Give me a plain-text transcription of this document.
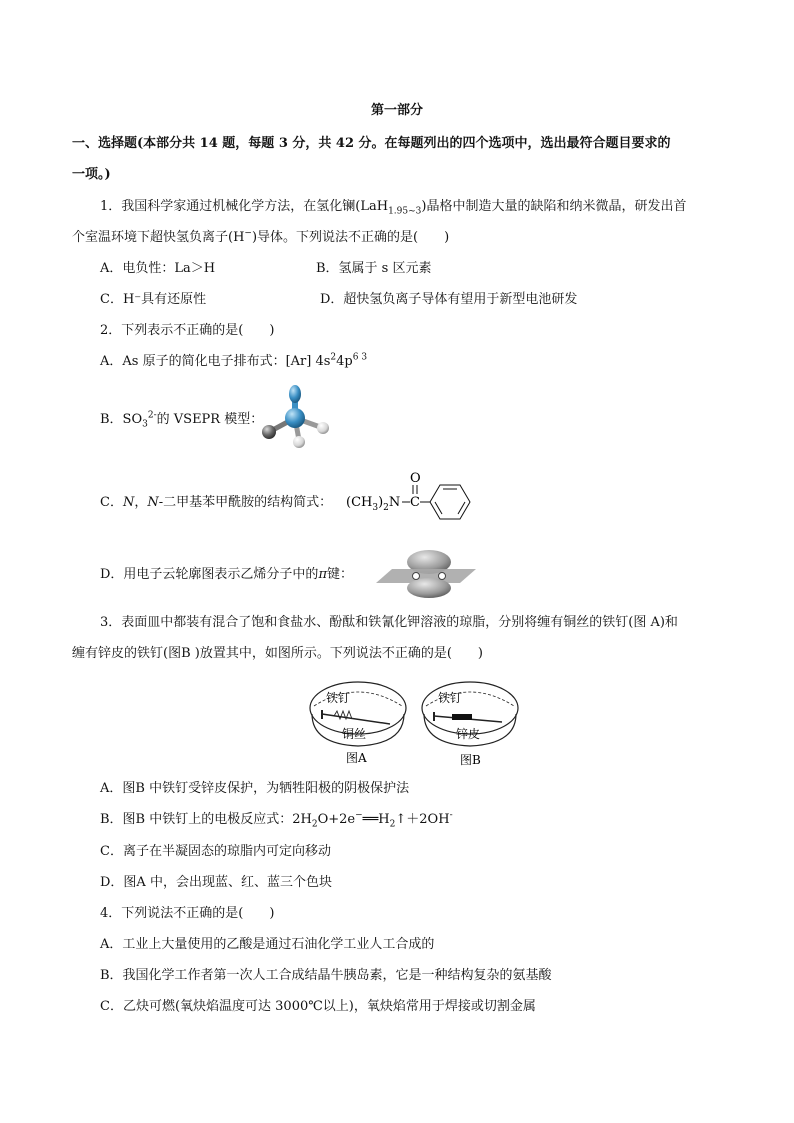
第一部分
一、选择题(本部分共 14 题，每题 3 分，共 42 分。在每题列出的四个选项中，选出最符合题目要求的
一项。)
1．我国科学家通过机械化学方法，在氢化镧(LaH$_{1.95\sim 3}$)晶格中制造大量的缺陷和纳米微晶，研发出首
个室温环境下超快氢负离子(H−)导体。下列说法不正确的是(　　)
A．电负性：La＞H	B．氢属于 s 区元素
C．H⁻具有还原性	D．超快氢负离子导体有望用于新型电池研发
2．下列表示不正确的是(　　)
A．As 原子的简化电子排布式：[Ar] $4s^24p^{6 3}$
B．$SO_3^{2-}$的 VSEPR 模型：
C．N，N-二甲基苯甲酰胺的结构简式： $(CH_3)_2N$ C
O
D．用电子云轮廓图表示乙烯分子中的π键：
3．表面皿中都装有混合了饱和食盐水、酚酞和铁氰化钾溶液的琼脂，分别将缠有铜丝的铁钉(图 A)和
缠有锌皮的铁钉(图B )放置其中，如图所示。下列说法不正确的是(　　)
铁钉
铜丝
图A
铁钉
锌皮
图B
A．图B 中铁钉受锌皮保护，为牺牲阳极的阴极保护法
B．图B 中铁钉上的电极反应式：$2H_2O+2e^-══H_2↑+2OH^-$
C．离子在半凝固态的琼脂内可定向移动
D．图A 中，会出现蓝、红、蓝三个色块
4．下列说法不正确的是(　　)
A．工业上大量使用的乙酸是通过石油化学工业人工合成的
B．我国化学工作者第一次人工合成结晶牛胰岛素，它是一种结构复杂的氨基酸
C．乙炔可燃(氧炔焰温度可达 3000℃以上)，氧炔焰常用于焊接或切割金属
